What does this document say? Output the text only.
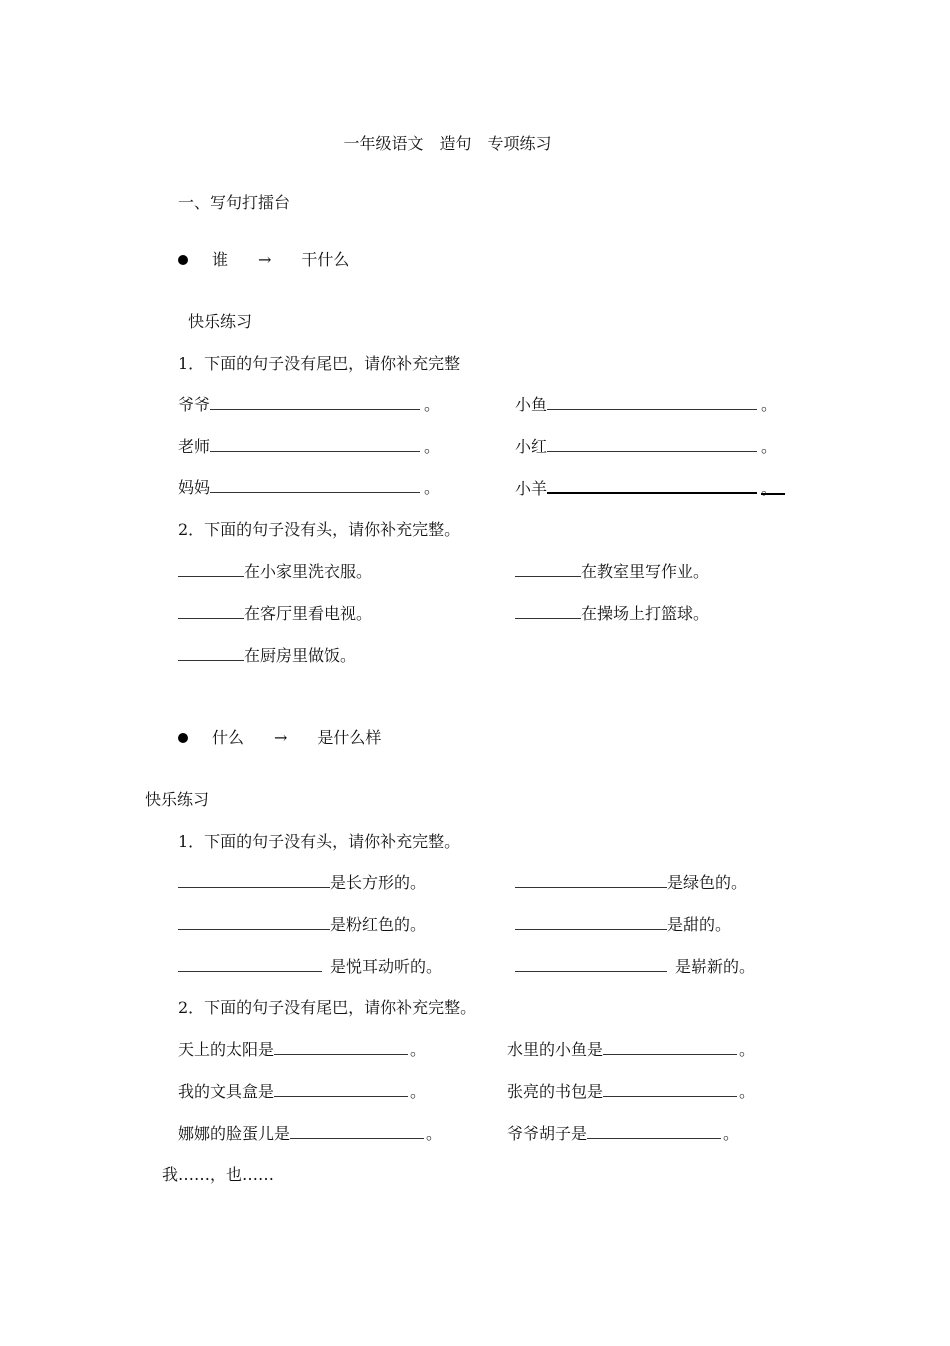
一年级语文　造句　专项练习
一、写句打擂台
谁 → 干什么
快乐练习
1．下面的句子没有尾巴，请你补充完整
爷爷	。	小鱼	。
老师	。	小红	。
妈妈	。	小羊	。
2．下面的句子没有头，请你补充完整。
在小家里洗衣服。	在教室里写作业。
在客厅里看电视。	在操场上打篮球。
在厨房里做饭。
什么 → 是什么样
快乐练习
1．下面的句子没有头，请你补充完整。
是长方形的。	是绿色的。
是粉红色的。	是甜的。
是悦耳动听的。	是崭新的。
2．下面的句子没有尾巴，请你补充完整。
天上的太阳是	。	水里的小鱼是	。
我的文具盒是	。	张亮的书包是	。
娜娜的脸蛋儿是	。	爷爷胡子是	。
我……，也……
